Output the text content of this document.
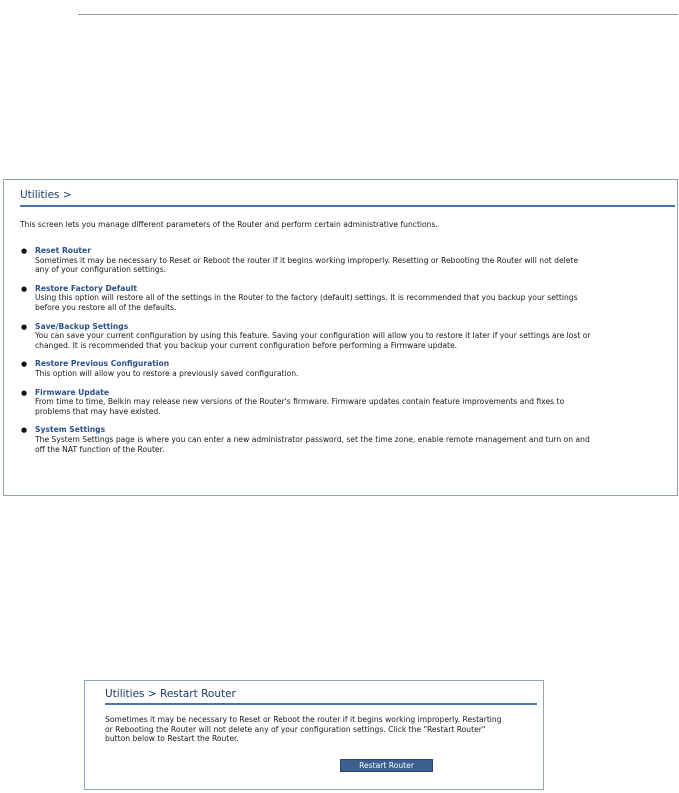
Utilities >
This screen lets you manage different parameters of the Router and perform certain administrative functions.
● Reset Router
Sometimes it may be necessary to Reset or Reboot the router if it begins working improperly. Resetting or Rebooting the Router will not delete
any of your configuration settings.
● Restore Factory Default
Using this option will restore all of the settings in the Router to the factory (default) settings. It is recommended that you backup your settings
before you restore all of the defaults.
● Save/Backup Settings
You can save your current configuration by using this feature. Saving your configuration will allow you to restore it later if your settings are lost or
changed. It is recommended that you backup your current configuration before performing a Firmware update.
● Restore Previous Configuration
This option will allow you to restore a previously saved configuration.
● Firmware Update
From time to time, Belkin may release new versions of the Router's firmware. Firmware updates contain feature improvements and fixes to
problems that may have existed.
● System Settings
The System Settings page is where you can enter a new administrator password, set the time zone, enable remote management and turn on and
off the NAT function of the Router.
Utilities > Restart Router
Sometimes it may be necessary to Reset or Reboot the router if it begins working improperly. Restarting
or Rebooting the Router will not delete any of your configuration settings. Click the "Restart Router"
button below to Restart the Router.
Restart Router
